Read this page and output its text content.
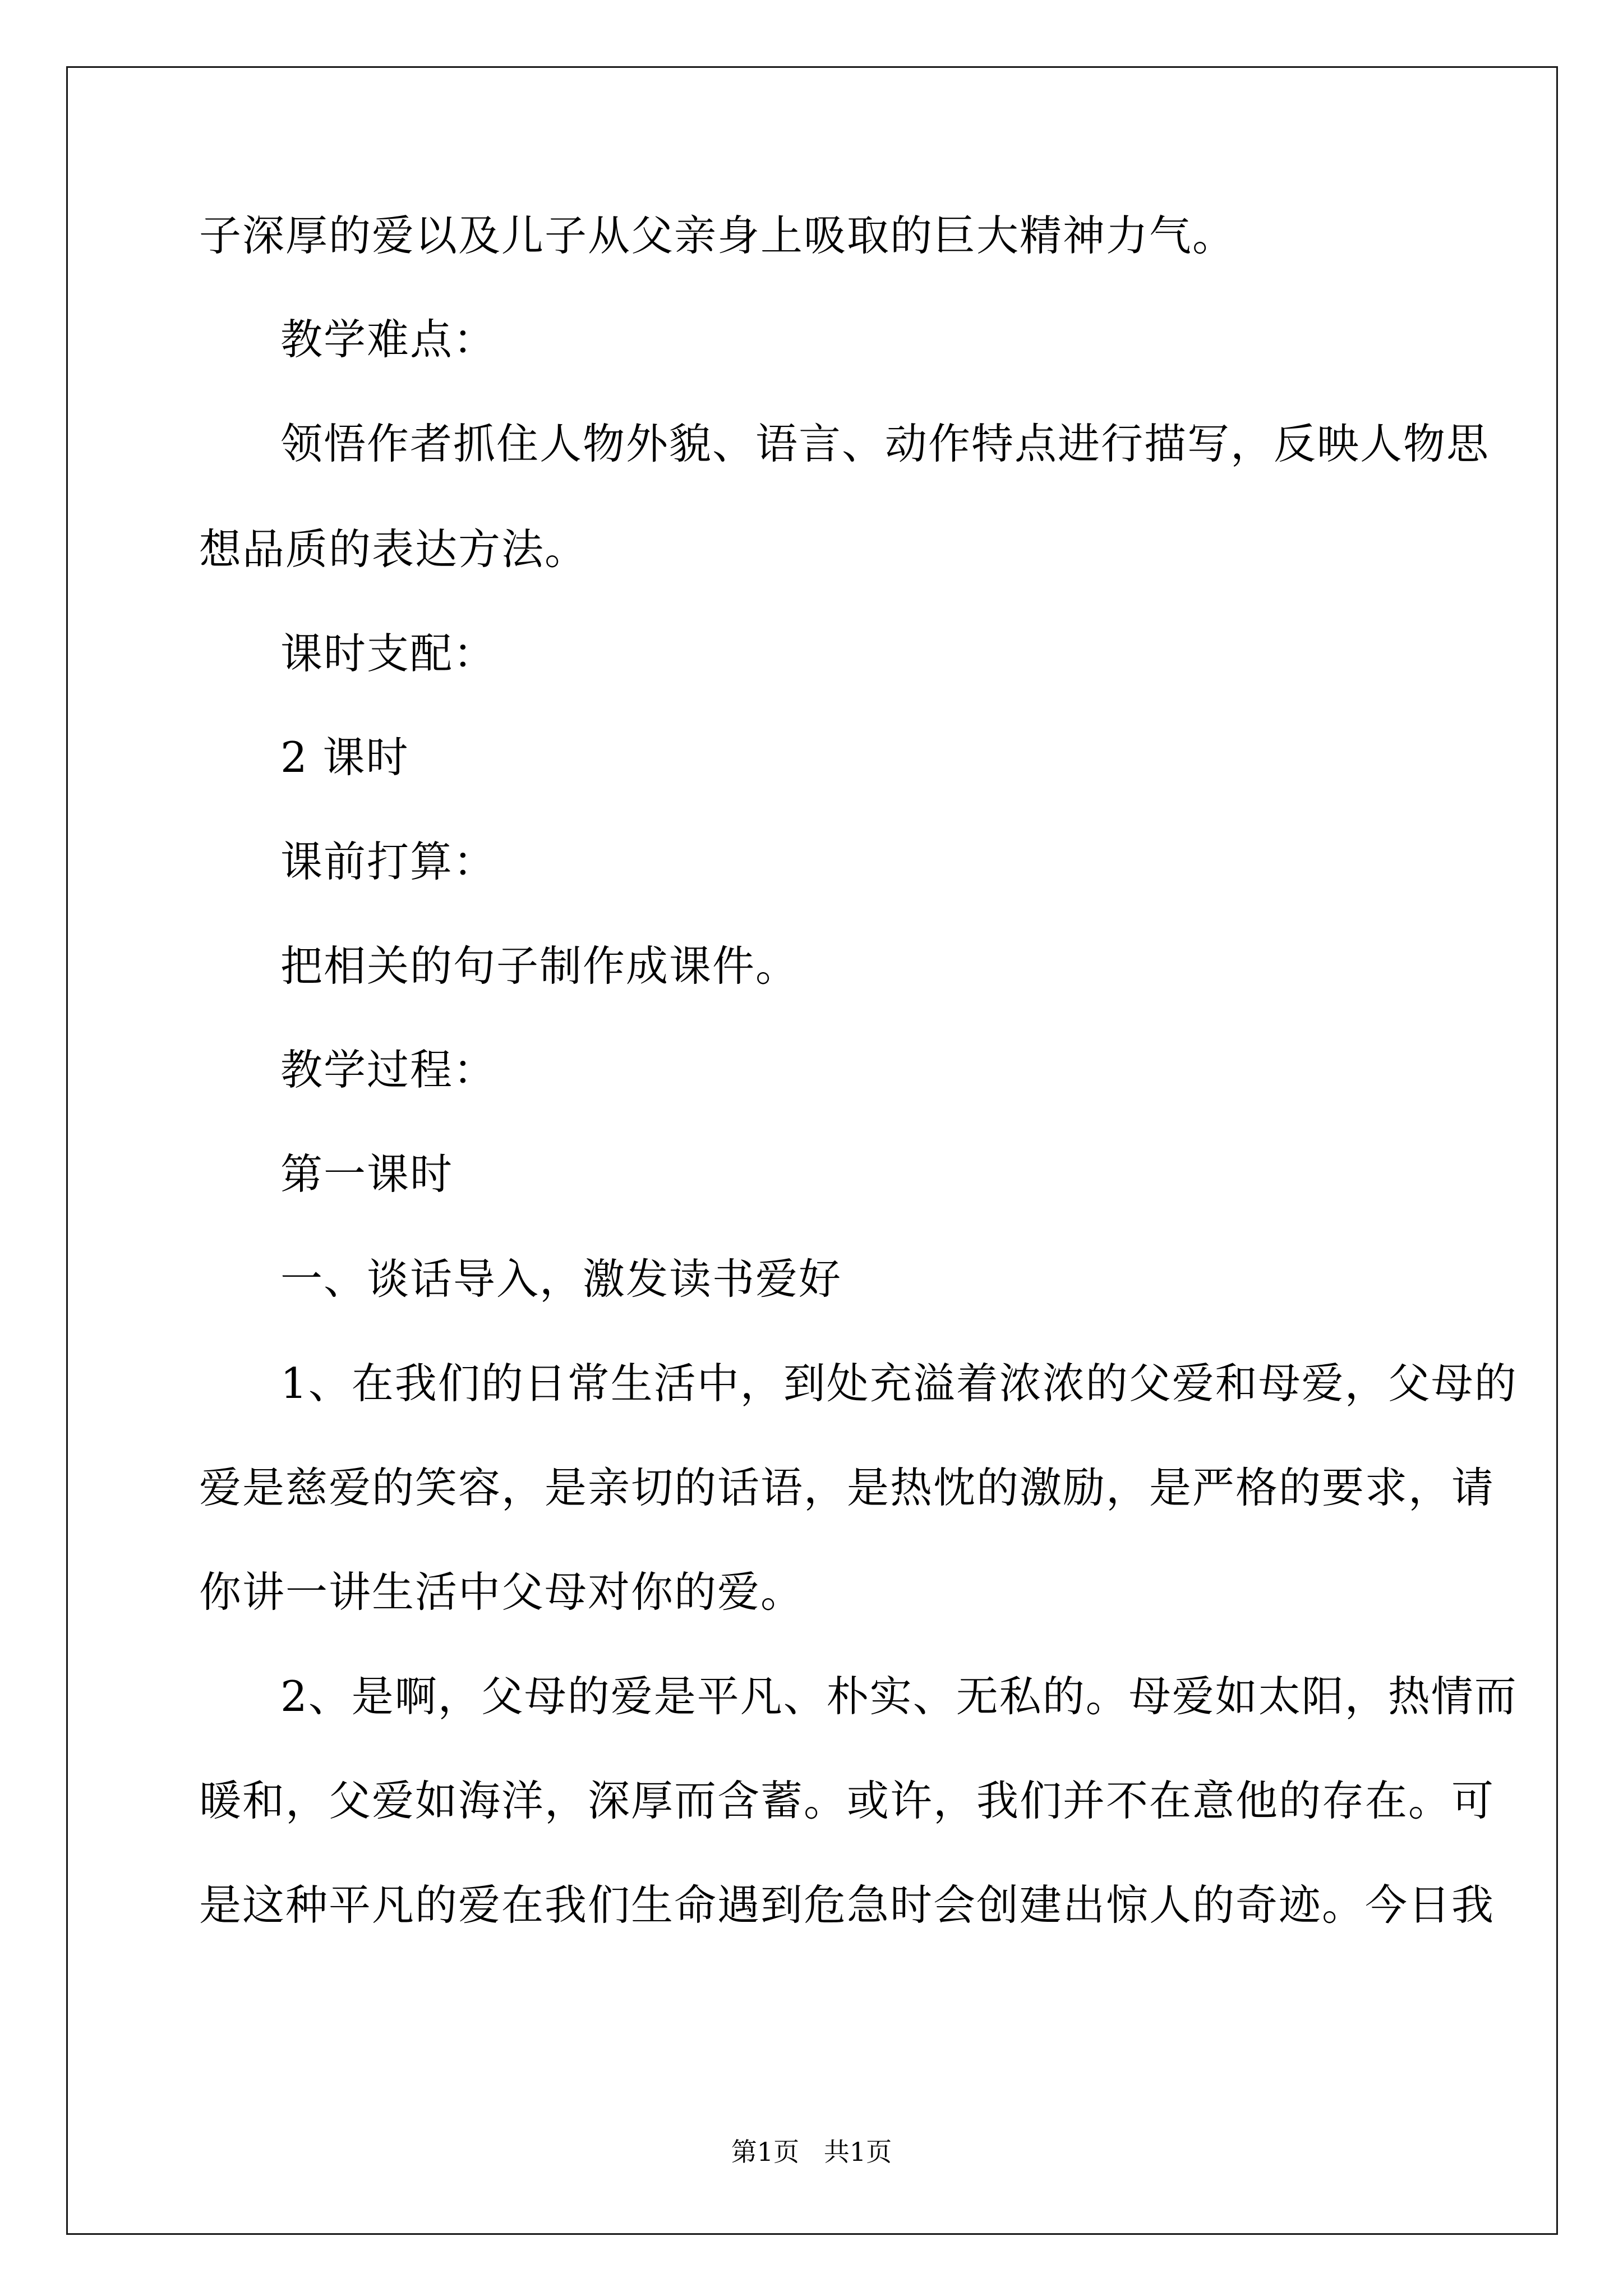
子深厚的爱以及儿子从父亲身上吸取的巨大精神力气。
教学难点：
领悟作者抓住人物外貌、语言、动作特点进行描写，反映人物思
想品质的表达方法。
课时支配：
2 课时
课前打算：
把相关的句子制作成课件。
教学过程：
第一课时
一、谈话导入，激发读书爱好
1、在我们的日常生活中，到处充溢着浓浓的父爱和母爱，父母的
爱是慈爱的笑容，是亲切的话语，是热忱的激励，是严格的要求，请
你讲一讲生活中父母对你的爱。
2、是啊，父母的爱是平凡、朴实、无私的。母爱如太阳，热情而
暖和，父爱如海洋，深厚而含蓄。或许，我们并不在意他的存在。可
是这种平凡的爱在我们生命遇到危急时会创建出惊人的奇迹。今日我
第1页   共1页
